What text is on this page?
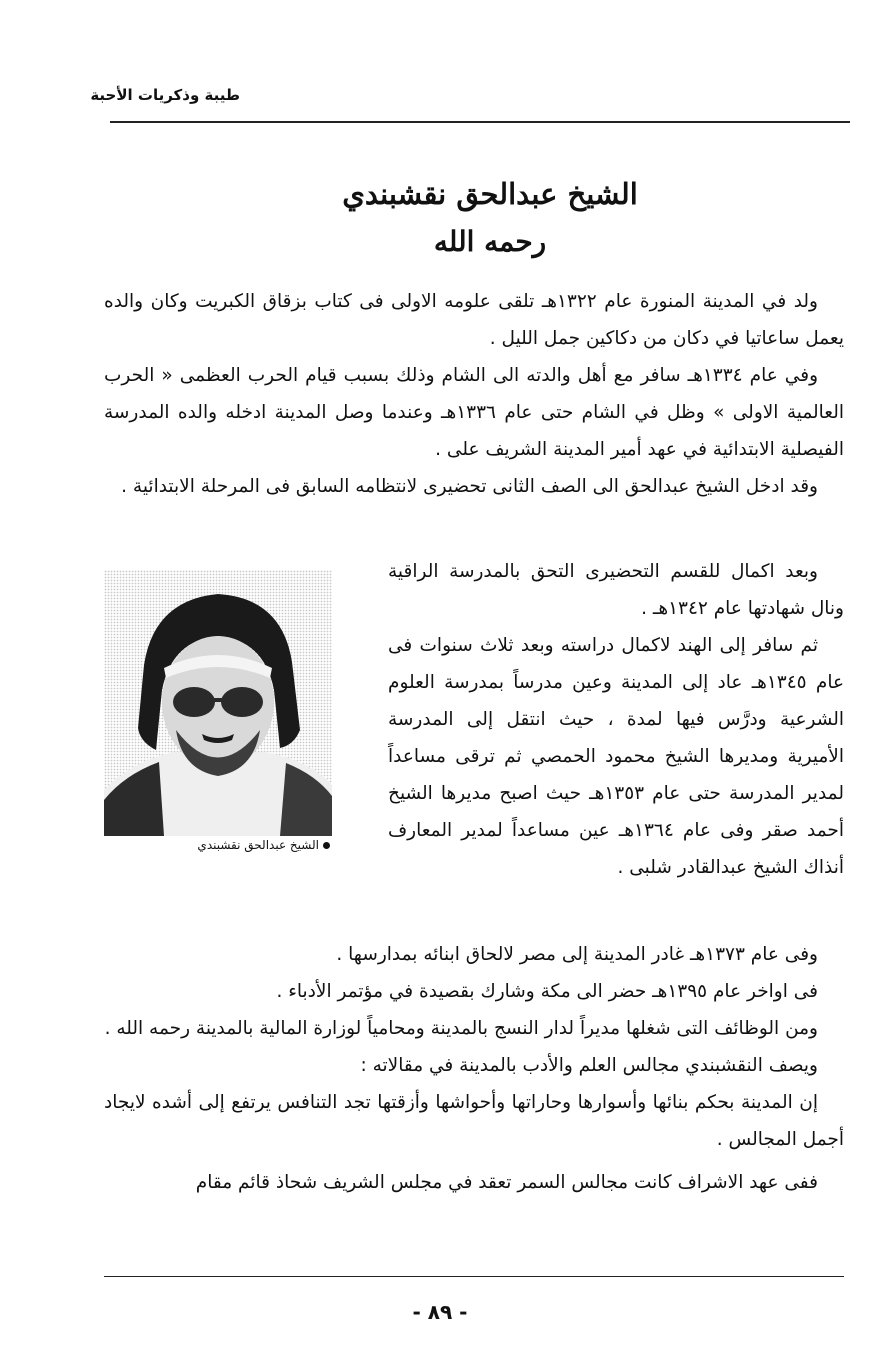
طيبة وذكريات الأحبة
الشيخ عبدالحق نقشبندي
رحمه الله

ولد في المدينة المنورة عام ١٣٢٢هـ تلقى علومه الاولى فى كتاب بزقاق الكبريت وكان والده يعمل ساعاتيا في دكان من دكاكين جمل الليل .

وفي عام ١٣٣٤هـ سافر مع أهل والدته الى الشام وذلك بسبب قيام الحرب العظمى « الحرب العالمية الاولى » وظل في الشام حتى عام ١٣٣٦هـ وعندما وصل المدينة ادخله والده المدرسة الفيصلية الابتدائية في عهد أمير المدينة الشريف على .

وقد ادخل الشيخ عبدالحق الى الصف الثانى تحضيرى لانتظامه السابق فى المرحلة الابتدائية .

وبعد اكمال للقسم التحضيرى التحق بالمدرسة الراقية ونال شهادتها عام ١٣٤٢هـ .

ثم سافر إلى الهند لاكمال دراسته وبعد ثلاث سنوات فى عام ١٣٤٥هـ عاد إلى المدينة وعين مدرساً بمدرسة العلوم الشرعية ودرَّس فيها لمدة ، حيث انتقل إلى المدرسة الأميرية ومديرها الشيخ محمود الحمصي ثم ترقى مساعداً لمدير المدرسة حتى عام ١٣٥٣هـ حيث اصبح مديرها الشيخ أحمد صقر وفى عام ١٣٦٤هـ عين مساعداً لمدير المعارف أنذاك الشيخ عبدالقادر شلبى .

الشيخ عبدالحق نقشبندي

وفى عام ١٣٧٣هـ غادر المدينة إلى مصر لالحاق ابنائه بمدارسها .

فى اواخر عام ١٣٩٥هـ حضر الى مكة وشارك بقصيدة في مؤتمر الأدباء .

ومن الوظائف التى شغلها مديراً لدار النسج بالمدينة ومحامياً لوزارة المالية بالمدينة رحمه الله .

ويصف النقشبندي مجالس العلم والأدب بالمدينة في مقالاته :

إن المدينة بحكم بنائها وأسوارها وحاراتها وأحواشها وأزقتها تجد التنافس يرتفع إلى أشده لايجاد أجمل المجالس .

ففى عهد الاشراف كانت مجالس السمر تعقد في مجلس الشريف شحاذ قائم مقام

- ٨٩ -
